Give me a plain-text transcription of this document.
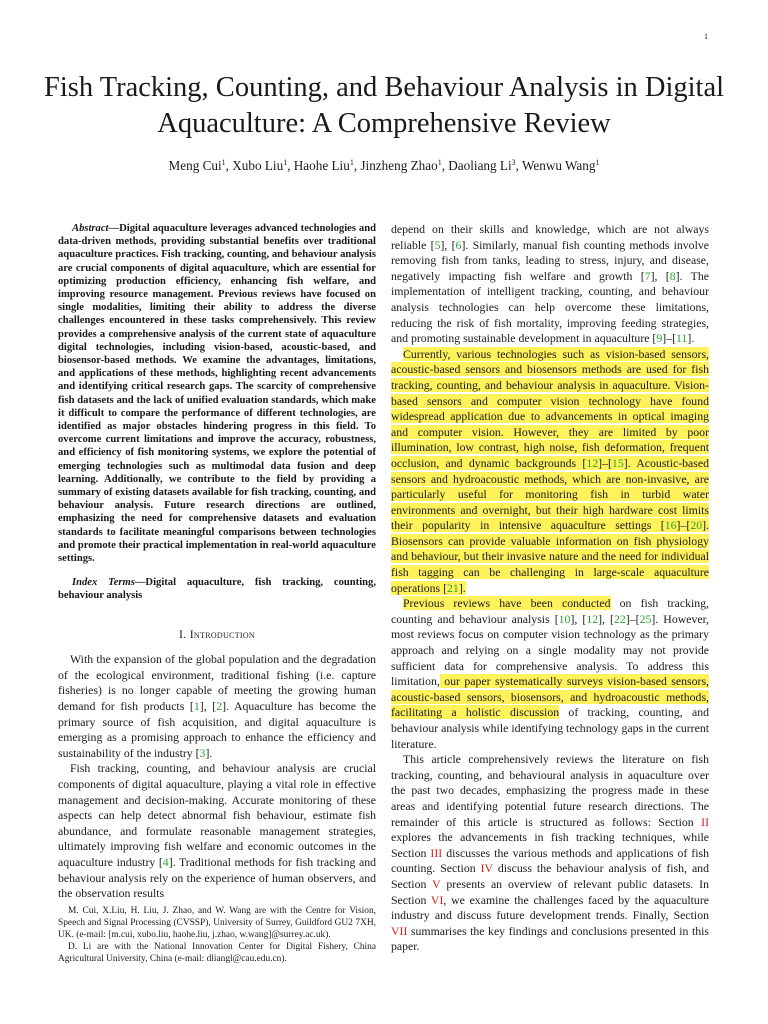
1
Fish Tracking, Counting, and Behaviour Analysis in Digital Aquaculture: A Comprehensive Review
Meng Cui$^1$, Xubo Liu$^1$, Haohe Liu$^1$, Jinzheng Zhao$^1$, Daoliang Li$^3$, Wenwu Wang$^1$

Abstract—Digital aquaculture leverages advanced technologies and data-driven methods, providing substantial benefits over traditional aquaculture practices. Fish tracking, counting, and behaviour analysis are crucial components of digital aquaculture, which are essential for optimizing production efficiency, enhancing fish welfare, and improving resource management. Previous reviews have focused on single modalities, limiting their ability to address the diverse challenges encountered in these tasks comprehensively. This review provides a comprehensive analysis of the current state of aquaculture digital technologies, including vision-based, acoustic-based, and biosensor-based methods. We examine the advantages, limitations, and applications of these methods, highlighting recent advancements and identifying critical research gaps. The scarcity of comprehensive fish datasets and the lack of unified evaluation standards, which make it difficult to compare the performance of different technologies, are identified as major obstacles hindering progress in this field. To overcome current limitations and improve the accuracy, robustness, and efficiency of fish monitoring systems, we explore the potential of emerging technologies such as multimodal data fusion and deep learning. Additionally, we contribute to the field by providing a summary of existing datasets available for fish tracking, counting, and behaviour analysis. Future research directions are outlined, emphasizing the need for comprehensive datasets and evaluation standards to facilitate meaningful comparisons between technologies and promote their practical implementation in real-world aquaculture settings.

Index Terms—Digital aquaculture, fish tracking, counting, behaviour analysis

I. Introduction

With the expansion of the global population and the degradation of the ecological environment, traditional fishing (i.e. capture fisheries) is no longer capable of meeting the growing human demand for fish products [1], [2]. Aquaculture has become the primary source of fish acquisition, and digital aquaculture is emerging as a promising approach to enhance the efficiency and sustainability of the industry [3].

Fish tracking, counting, and behaviour analysis are crucial components of digital aquaculture, playing a vital role in effective management and decision-making. Accurate monitoring of these aspects can help detect abnormal fish behaviour, estimate fish abundance, and formulate reasonable management strategies, ultimately improving fish welfare and economic outcomes in the aquaculture industry [4]. Traditional methods for fish tracking and behaviour analysis rely on the experience of human observers, and the observation results

M. Cui, X.Liu, H. Liu, J. Zhao, and W. Wang are with the Centre for Vision, Speech and Signal Processing (CVSSP), University of Surrey, Guildford GU2 7XH, UK. (e-mail: [m.cui, xubo.liu, haohe.liu, j.zhao, w.wang]@surrey.ac.uk).

D. Li are with the National Innovation Center for Digital Fishery, China Agricultural University, China (e-mail: dliangl@cau.edu.cn).

depend on their skills and knowledge, which are not always reliable [5], [6]. Similarly, manual fish counting methods involve removing fish from tanks, leading to stress, injury, and disease, negatively impacting fish welfare and growth [7], [8]. The implementation of intelligent tracking, counting, and behaviour analysis technologies can help overcome these limitations, reducing the risk of fish mortality, improving feeding strategies, and promoting sustainable development in aquaculture [9]–[11].

Currently, various technologies such as vision-based sensors, acoustic-based sensors and biosensors methods are used for fish tracking, counting, and behaviour analysis in aquaculture. Vision-based sensors and computer vision technology have found widespread application due to advancements in optical imaging and computer vision. However, they are limited by poor illumination, low contrast, high noise, fish deformation, frequent occlusion, and dynamic backgrounds [12]–[15]. Acoustic-based sensors and hydroacoustic methods, which are non-invasive, are particularly useful for monitoring fish in turbid water environments and overnight, but their high hardware cost limits their popularity in intensive aquaculture settings [16]–[20]. Biosensors can provide valuable information on fish physiology and behaviour, but their invasive nature and the need for individual fish tagging can be challenging in large-scale aquaculture operations [21].

Previous reviews have been conducted on fish tracking, counting and behaviour analysis [10], [12], [22]–[25]. However, most reviews focus on computer vision technology as the primary approach and relying on a single modality may not provide sufficient data for comprehensive analysis. To address this limitation, our paper systematically surveys vision-based sensors, acoustic-based sensors, biosensors, and hydroacoustic methods, facilitating a holistic discussion of tracking, counting, and behaviour analysis while identifying technology gaps in the current literature.

This article comprehensively reviews the literature on fish tracking, counting, and behavioural analysis in aquaculture over the past two decades, emphasizing the progress made in these areas and identifying potential future research directions. The remainder of this article is structured as follows: Section II explores the advancements in fish tracking techniques, while Section III discusses the various methods and applications of fish counting. Section IV discuss the behaviour analysis of fish, and Section V presents an overview of relevant public datasets. In Section VI, we examine the challenges faced by the aquaculture industry and discuss future development trends. Finally, Section VII summarises the key findings and conclusions presented in this paper.
